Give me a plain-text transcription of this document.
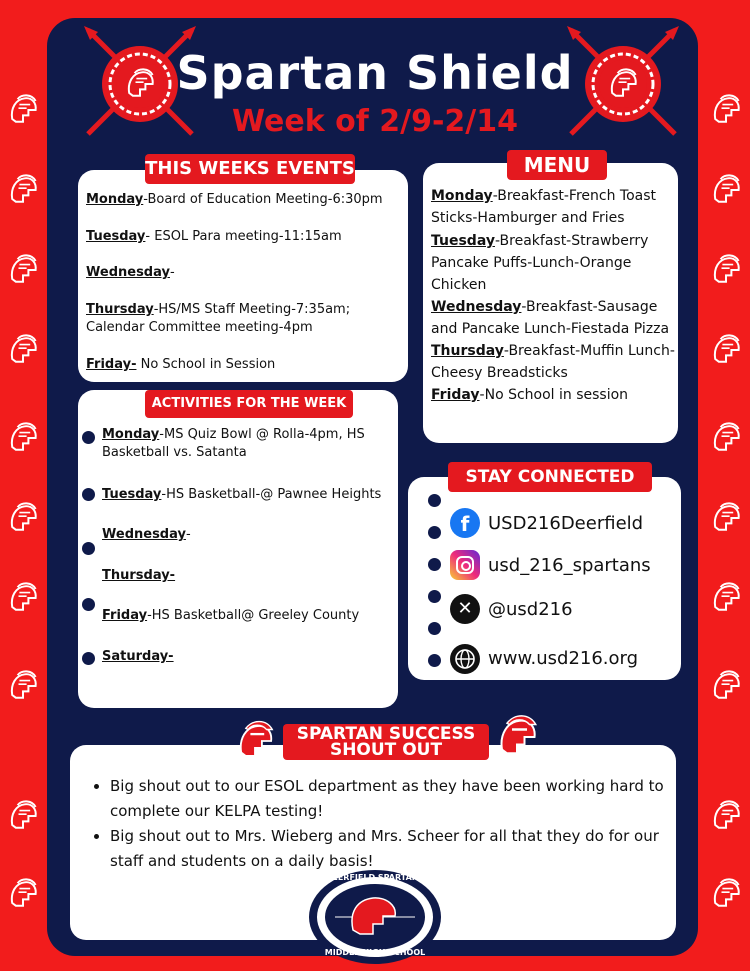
Spartan Shield
Week of 2/9-2/14
THIS WEEKS EVENTS
Monday-Board of Education Meeting-6:30pm
Tuesday- ESOL Para meeting-11:15am
Wednesday-
Thursday-HS/MS Staff Meeting-7:35am; Calendar Committee meeting-4pm
Friday- No School in Session
MENU
Monday-Breakfast-French Toast Sticks-Hamburger and Fries
Tuesday-Breakfast-Strawberry Pancake Puffs-Lunch-Orange Chicken
Wednesday-Breakfast-Sausage and Pancake Lunch-Fiestada Pizza
Thursday-Breakfast-Muffin Lunch-Cheesy Breadsticks
Friday-No School in session
ACTIVITIES FOR THE WEEK
Monday-MS Quiz Bowl @ Rolla-4pm, HS Basketball vs. Satanta
Tuesday-HS Basketball-@ Pawnee Heights
Wednesday-
Thursday-
Friday-HS Basketball@ Greeley County
Saturday-
STAY CONNECTED
f	USD216Deerfield
usd_216_spartans
✕ @usd216
www.usd216.org
SPARTAN SUCCESS
SHOUT OUT
• Big shout out to our ESOL department as they have been working hard to complete our KELPA testing!
• Big shout out to Mrs. Wieberg and Mrs. Scheer for all that they do for our staff and students on a daily basis!
DEERFIELD SPARTANS
MIDDLE/HIGH SCHOOL
